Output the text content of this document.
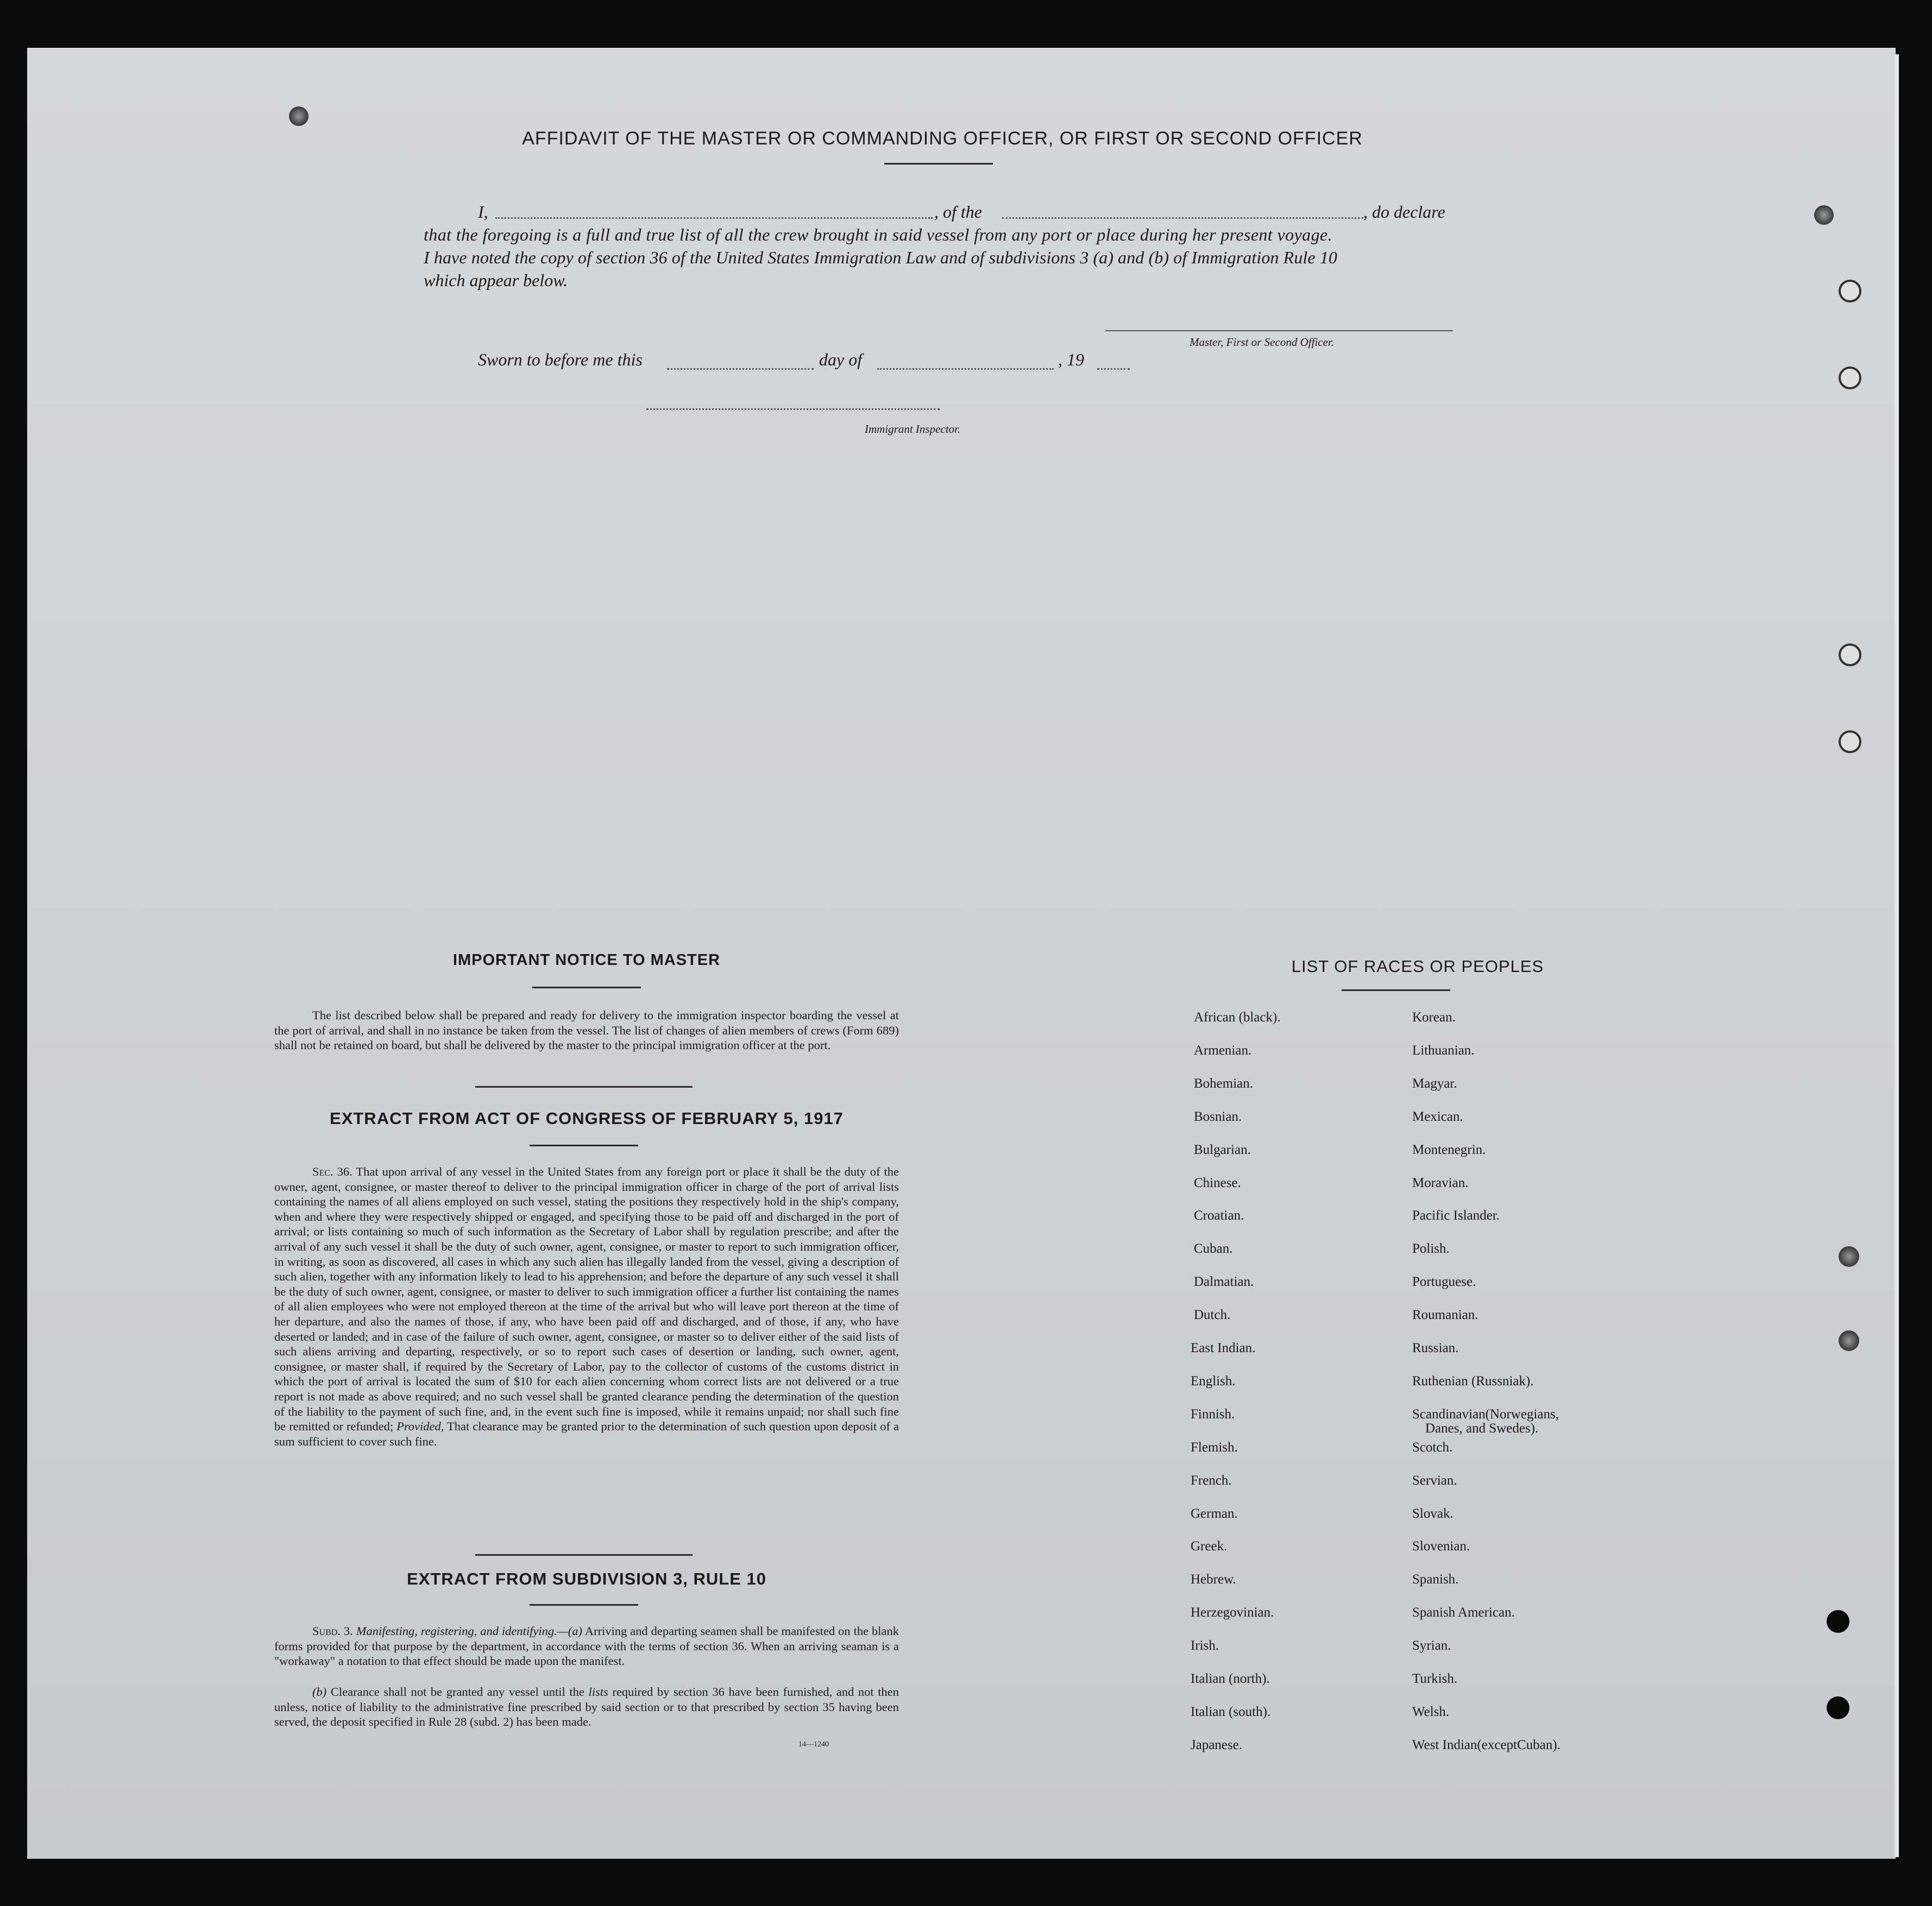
AFFIDAVIT OF THE MASTER OR COMMANDING OFFICER, OR FIRST OR SECOND OFFICER
I,	, of the	, do declare
that the foregoing is a full and true list of all the crew brought in said vessel from any port or place during her present voyage.
I have noted the copy of section 36 of the United States Immigration Law and of subdivisions 3 (a) and (b) of Immigration Rule 10
which appear below.
Master, First or Second Officer.
Sworn to before me this	day of	, 19
Immigrant Inspector.
IMPORTANT NOTICE TO MASTER
The list described below shall be prepared and ready for delivery to the immigration inspector boarding the vessel at the port of arrival, and shall in no instance be taken from the vessel. The list of changes of alien members of crews (Form 689) shall not be retained on board, but shall be delivered by the master to the principal immigration officer at the port.
EXTRACT FROM ACT OF CONGRESS OF FEBRUARY 5, 1917
Sec. 36. That upon arrival of any vessel in the United States from any foreign port or place it shall be the duty of the owner, agent, consignee, or master thereof to deliver to the principal immigration officer in charge of the port of arrival lists containing the names of all aliens employed on such vessel, stating the positions they respectively hold in the ship's company, when and where they were respectively shipped or engaged, and specifying those to be paid off and discharged in the port of arrival; or lists containing so much of such information as the Secretary of Labor shall by regulation prescribe; and after the arrival of any such vessel it shall be the duty of such owner, agent, consignee, or master to report to such immigration officer, in writing, as soon as discovered, all cases in which any such alien has illegally landed from the vessel, giving a description of such alien, together with any information likely to lead to his apprehension; and before the departure of any such vessel it shall be the duty of such owner, agent, consignee, or master to deliver to such immigration officer a further list containing the names of all alien employees who were not employed thereon at the time of the arrival but who will leave port thereon at the time of her departure, and also the names of those, if any, who have been paid off and discharged, and of those, if any, who have deserted or landed; and in case of the failure of such owner, agent, consignee, or master so to deliver either of the said lists of such aliens arriving and departing, respectively, or so to report such cases of desertion or landing, such owner, agent, consignee, or master shall, if required by the Secretary of Labor, pay to the collector of customs of the customs district in which the port of arrival is located the sum of $10 for each alien concerning whom correct lists are not delivered or a true report is not made as above required; and no such vessel shall be granted clearance pending the determination of the question of the liability to the payment of such fine, and, in the event such fine is imposed, while it remains unpaid; nor shall such fine be remitted or refunded; Provided, That clearance may be granted prior to the determination of such question upon deposit of a sum sufficient to cover such fine.
EXTRACT FROM SUBDIVISION 3, RULE 10
Subd. 3. Manifesting, registering, and identifying.—(a) Arriving and departing seamen shall be manifested on the blank forms provided for that purpose by the department, in accordance with the terms of section 36. When an arriving seaman is a "workaway" a notation to that effect should be made upon the manifest.
(b) Clearance shall not be granted any vessel until the lists required by section 36 have been furnished, and not then unless, notice of liability to the administrative fine prescribed by said section or to that prescribed by section 35 having been served, the deposit specified in Rule 28 (subd. 2) has been made.
14—1240
LIST OF RACES OR PEOPLES
African (black).
Armenian.
Bohemian.
Bosnian.
Bulgarian.
Chinese.
Croatian.
Cuban.
Dalmatian.
Dutch.
East Indian.
English.
Finnish.
Flemish.
French.
German.
Greek.
Hebrew.
Herzegovinian.
Irish.
Italian (north).
Italian (south).
Japanese.
Korean.
Lithuanian.
Magyar.
Mexican.
Montenegrin.
Moravian.
Pacific Islander.
Polish.
Portuguese.
Roumanian.
Russian.
Ruthenian (Russniak).
Scandinavian(Norwegians,
Danes, and Swedes).
Scotch.
Servian.
Slovak.
Slovenian.
Spanish.
Spanish American.
Syrian.
Turkish.
Welsh.
West Indian(exceptCuban).
